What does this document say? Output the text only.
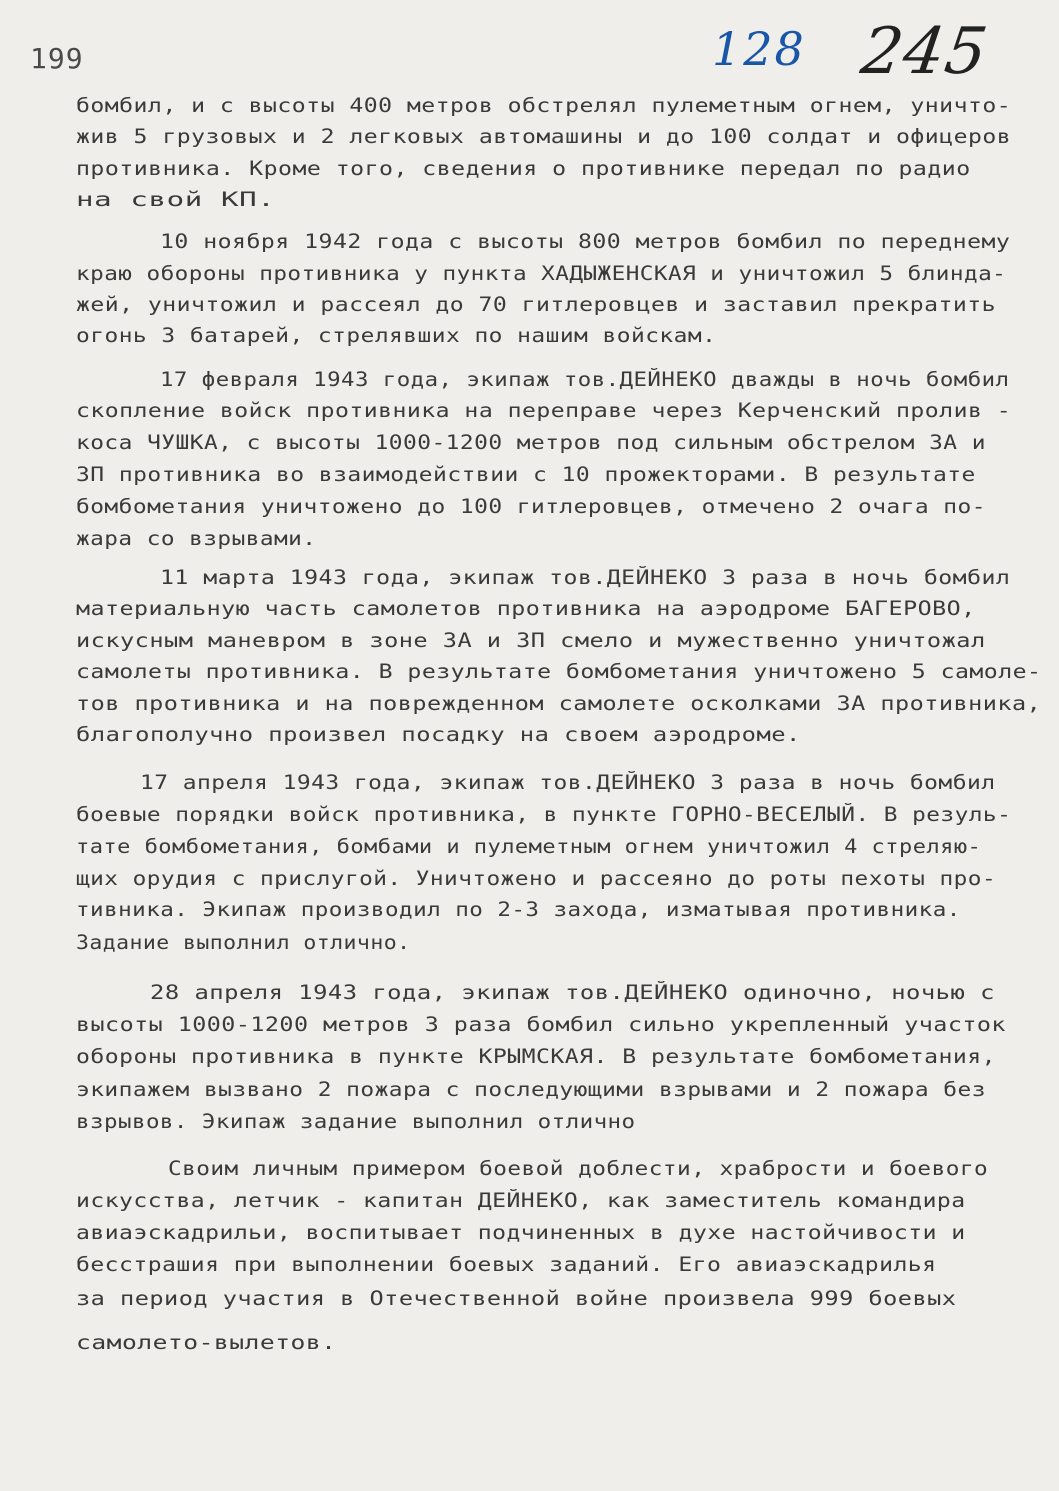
199	128 245
бомбил, и с высоты 400 метров обстрелял пулеметным огнем, уничто-
жив 5 грузовых и 2 легковых автомашины и до 100 солдат и офицеров
противника. Кроме того, сведения о противнике передал по радио
на свой КП.
10 ноября 1942 года с высоты 800 метров бомбил по переднему
краю обороны противника у пункта ХАДЫЖЕНСКАЯ и уничтожил 5 блиндa-
жей, уничтожил и рассеял до 70 гитлеровцев и заставил прекратить
огонь 3 батарей, стрелявших по нашим войскам.
17 февраля 1943 года, экипаж тов.ДЕЙНЕКО дважды в ночь бомбил
скопление войск противника на переправе через Керченский пролив -
коса ЧУШКА, с высоты 1000-1200 метров под сильным обстрелом ЗА и
ЗП противника во взаимодействии с 10 прожекторами. В результате
бомбометания уничтожено до 100 гитлеровцев, отмечено 2 очага по-
жара со взрывами.
11 марта 1943 года, экипаж тов.ДЕЙНЕКО 3 раза в ночь бомбил
материальную часть самолетов противника на аэродроме БАГЕРОВО,
искусным маневром в зоне ЗА и ЗП смело и мужественно уничтожал
самолеты противника. В результате бомбометания уничтожено 5 самоле-
тов противника и на поврежденном самолете осколками ЗА противника,
благополучно произвел посадку на своем аэродроме.
17 апреля 1943 года, экипаж тов.ДЕЙНЕКО 3 раза в ночь бомбил
боевые порядки войск противника, в пункте ГОРНО-ВЕСЕЛЫЙ. В резуль-
тате бомбометания, бомбами и пулеметным огнем уничтожил 4 стреляю-
щих орудия с прислугой. Уничтожено и рассеяно до роты пехоты про-
тивника. Экипаж производил по 2-3 захода, изматывая противника.
Задание выполнил отлично.
28 апреля 1943 года, экипаж тов.ДЕЙНЕКО одиночно, ночью с
высоты 1000-1200 метров 3 раза бомбил сильно укрепленный участок
обороны противника в пункте КРЫМСКАЯ. В результате бомбометания,
экипажем вызвано 2 пожара с последующими взрывами и 2 пожара без
взрывов. Экипаж задание выполнил отлично
Своим личным примером боевой доблести, храбрости и боевого
искусства, летчик - капитан ДЕЙНЕКО, как заместитель командира
авиаэскадрильи, воспитывает подчиненных в духе настойчивости и
бесстрашия при выполнении боевых заданий. Его авиаэскадрилья
за период участия в Отечественной войне произвела 999 боевых
самолето-вылетов.
